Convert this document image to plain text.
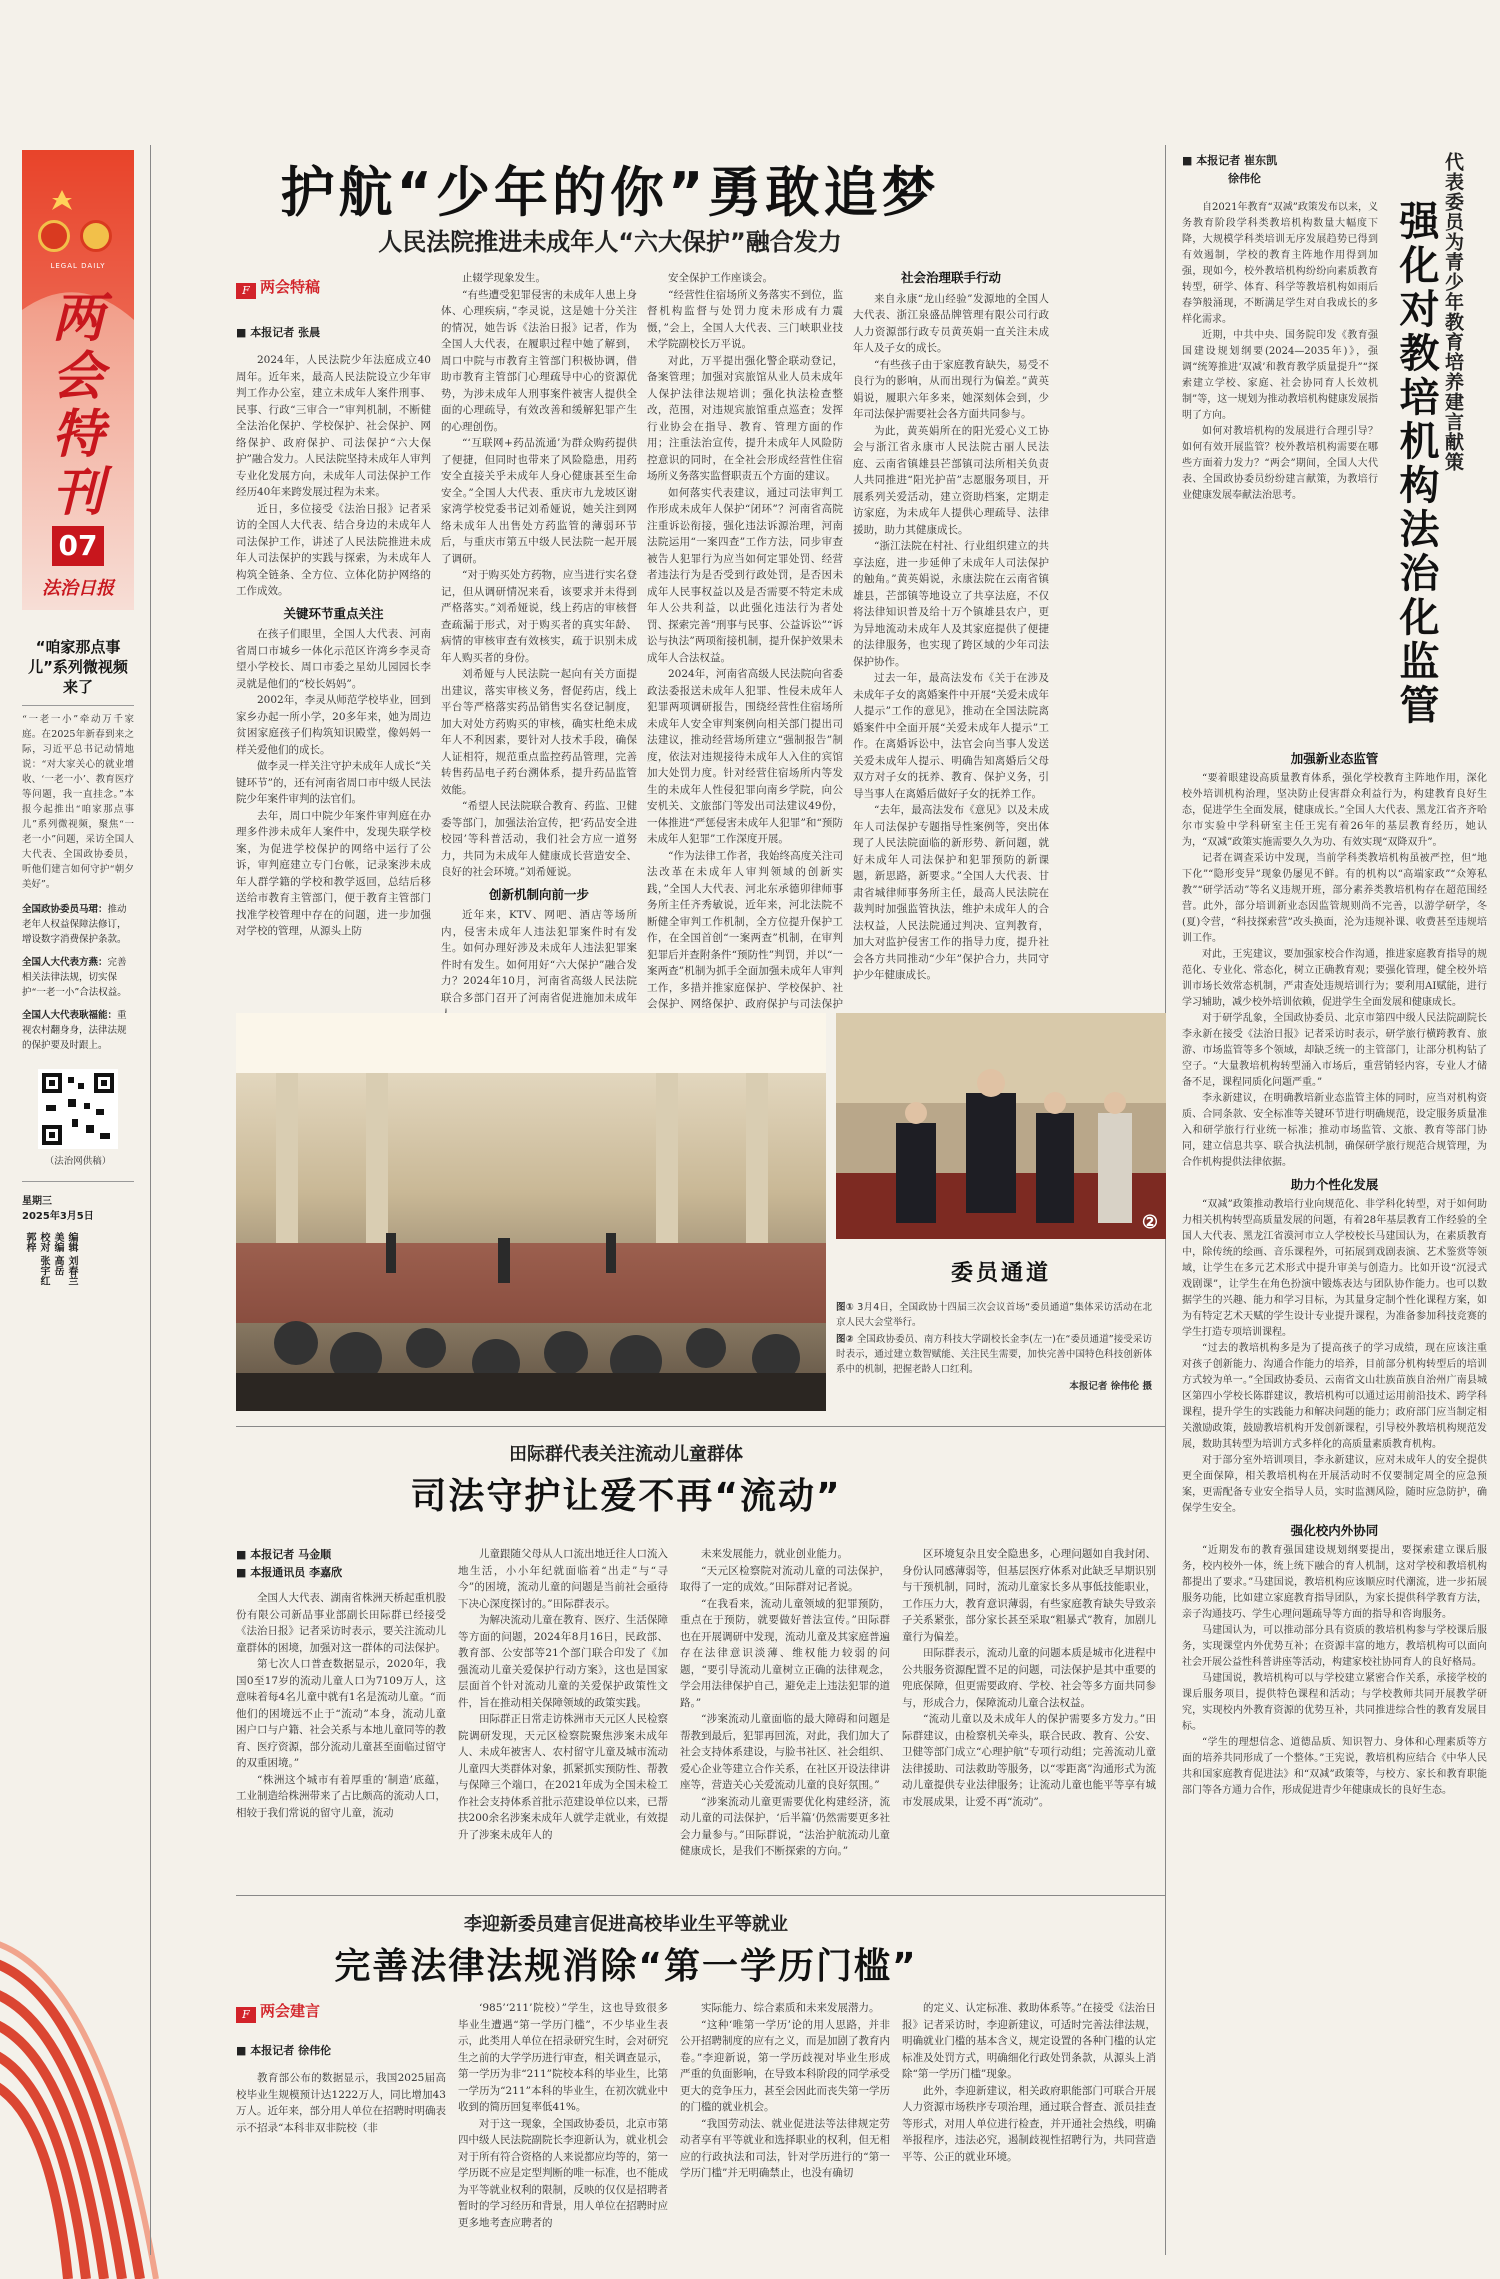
LEGAL DAILY
两会特刊
07
法治日报
“咱家那点事儿”系列微视频来了
“一老一小”牵动万千家庭。在2025年新春到来之际，习近平总书记动情地说：“对大家关心的就业增收、‘一老一小’、教育医疗等问题，我一直挂念。”本报今起推出“咱家那点事儿”系列微视频，聚焦“一老一小”问题，采访全国人大代表、全国政协委员，听他们建言如何守护“朝夕美好”。
全国政协委员马珺：推动老年人权益保障法修订，增设数字消费保护条款。
全国人大代表方燕：完善相关法律法规，切实保护“一老一小”合法权益。
全国人大代表耿福能：重视农村翻身身，法律法规的保护要及时跟上。
（法治网供稿）
星期三
2025年3月5日
编辑 刘春兰
美编 高岳
校对 张宇红
郭梓
护航“少年的你”勇敢追梦
人民法院推进未成年人“六大保护”融合发力
F 两会特稿
■ 本报记者 张晨

2024年，人民法院少年法庭成立40周年。近年来，最高人民法院设立少年审判工作办公室，建立未成年人案件刑事、民事、行政“三审合一”审判机制，不断健全法治化保护、学校保护、社会保护、网络保护、政府保护、司法保护“六大保护”融合发力。人民法院坚持未成年人审判专业化发展方向，未成年人司法保护工作经历40年来跨发展过程为未来。

近日，多位接受《法治日报》记者采访的全国人大代表、结合身边的未成年人司法保护工作，讲述了人民法院推进未成年人司法保护的实践与探索，为未成年人构筑全链条、全方位、立体化防护网络的工作成效。

关键环节重点关注

在孩子们眼里，全国人大代表、河南省周口市城乡一体化示范区许湾乡李灵奇望小学校长、周口市委之星幼儿园园长李灵就是他们的“校长妈妈”。

2002年，李灵从师范学校毕业，回到家乡办起一所小学，20多年来，她为周边贫困家庭孩子们构筑知识殿堂，像妈妈一样关爱他们的成长。

做李灵一样关注守护未成年人成长“关键环节”的，还有河南省周口市中级人民法院少年案件审判的法官们。

去年，周口中院少年案件审判庭在办理多件涉未成年人案件中，发现失联学校案，为促进学校保护的网络中运行了公诉，审判庭建立专门台帐，记录案涉未成年人群学籍的学校和教学返回，总结后移送给市教育主管部门，便于教育主管部门找准学校管理中存在的问题，进一步加强对学校的管理，从源头上防

止辍学现象发生。

“有些遭受犯罪侵害的未成年人患上身体、心理疾病，”李灵说，这是她十分关注的情况，她告诉《法治日报》记者，作为全国人大代表，在履职过程中她了解到，周口中院与市教育主管部门积极协调，借助市教育主管部门心理疏导中心的资源优势，为涉未成年人刑事案件被害人提供全面的心理疏导，有效改善和缓解犯罪产生的心理创伤。

“‘互联网+药品流通’为群众购药提供了便捷，但同时也带来了风险隐患，用药安全直接关乎未成年人身心健康甚至生命安全。”全国人大代表、重庆市九龙坡区谢家湾学校党委书记刘希娅说，她关注到网络未成年人出售处方药监管的薄弱环节后，与重庆市第五中级人民法院一起开展了调研。

“对于购买处方药物，应当进行实名登记，但从调研情况来看，该要求并未得到严格落实。”刘希娅说，线上药店的审核督查疏漏于形式，对于购买者的真实年龄、病情的审核审查有效核实，疏于识别未成年人购买者的身份。

刘希娅与人民法院一起向有关方面提出建议，落实审核义务，督促药店，线上平台等严格落实药品销售实名登记制度，加大对处方药购买的审核，确实杜绝未成年人不利因素，要针对人技术手段，确保人证相符，规范重点监控药品管理，完善转售药品电子药台溯体系，提升药品监管效能。

“希望人民法院联合教育、药监、卫健委等部门，加强法治宣传，把‘药品安全进校园’等科普活动，我们社会方应一道努力，共同为未成年人健康成长营造安全、良好的社会环境。”刘希娅说。

创新机制向前一步

近年来，KTV、网吧、酒店等场所内，侵害未成年人违法犯罪案件时有发生。如何办理好涉及未成年人违法犯罪案件时有发生。如何用好“六大保护”融合发力？2024年10月，河南省高级人民法院联合多部门召开了河南省促进施加未成年

安全保护工作座谈会。

“经营性住宿场所义务落实不到位，监督机构监督与处罚力度未形成有力震慑，”会上，全国人大代表、三门峡职业技术学院副校长万平说。

对此，万平提出强化警企联动登记，备案管理；加强对宾旅馆从业人员未成年人保护法律法规培训；强化执法检查整改，范围，对违规宾旅馆重点巡查；发挥行业协会在指导、教育、管理方面的作用；注重法治宣传，提升未成年人风险防控意识的同时，在全社会形成经营性住宿场所义务落实监督职责五个方面的建议。

如何落实代表建议，通过司法审判工作形成未成年人保护“闭环”？河南省高院注重诉讼衔接，强化违法诉源治理，河南法院运用“一案四查”工作方法，同步审查被告人犯罪行为应当如何定罪处罚、经营者违法行为是否受到行政处罚，是否因未成年人民事权益以及是否需要不特定未成年人公共利益，以此强化违法行为者处罚、探索完善“刑事与民事、公益诉讼”“诉讼与执法”两项衔接机制，提升保护效果未成年人合法权益。

2024年，河南省高级人民法院向省委政法委报送未成年人犯罪、性侵未成年人犯罪两项调研报告，围绕经营性住宿场所未成年人安全审判案例向相关部门提出司法建议，推动经营场所建立“强制报告”制度，依法对违规接待未成年人入住的宾馆加大处罚力度。针对经营住宿场所内等发生的未成年人性侵犯罪向南乡学院，向公安机关、文旅部门等发出司法建议49份，一体推进“严惩侵害未成年人犯罪”和“预防未成年人犯罪”工作深度开展。

“作为法律工作者，我始终高度关注司法改革在未成年人审判领域的创新实践，”全国人大代表、河北东承德卯律师事务所主任齐秀敏说，近年来，河北法院不断健全审判工作机制，全方位提升保护工作，在全国首创“一案两查”机制，在审判犯罪后并查附条件“预防性”判罚，并以“一案两查”机制为抓手全面加强未成年人审判工作，多措并推家庭保护、学校保护、社会保护、网络保护、政府保护与司法保护

社会治理联手行动

来自永康“龙山经验”发源地的全国人大代表、浙江泉盛品牌管理有限公司行政人力资源部行政专员黄英娟一直关注未成年人及子女的成长。

“有些孩子由于家庭教育缺失，易受不良行为的影响，从而出现行为偏差。”黄英娟说，履职六年多来，她深刻体会到，少年司法保护需要社会各方面共同参与。

为此，黄英娟所在的阳光爱心义工协会与浙江省永康市人民法院古丽人民法庭、云南省镇雄县芒部镇司法所相关负责人共同推进“阳光护苗”志愿服务项目，开展系列关爱活动，建立资助档案，定期走访家庭，为未成年人提供心理疏导、法律援助，助力其健康成长。

“浙江法院在村社、行业组织建立的共享法庭，进一步延伸了未成年人司法保护的触角。”黄英娟说，永康法院在云南省镇雄县，芒部镇等地设立了共享法庭，不仅将法律知识普及给十万个镇雄县农户，更为异地流动未成年人及其家庭提供了便捷的法律服务，也实现了跨区域的少年司法保护协作。

过去一年，最高法发布《关于在涉及未成年子女的离婚案件中开展“关爱未成年人提示”工作的意见》，推动在全国法院离婚案件中全面开展“关爱未成年人提示”工作。在离婚诉讼中，法官会向当事人发送关爱未成年人提示、明确告知离婚后父母双方对子女的抚养、教育、保护义务，引导当事人在离婚后做好子女的抚养工作。

“去年，最高法发布《意见》以及未成年人司法保护专题指导性案例等，突出体现了人民法院面临的新形势、新问题，就好未成年人司法保护和犯罪预防的新课题，新思路，新要求。”全国人大代表、甘肃省城律师事务所主任，最高人民法院在裁判时加强监管执法，维护未成年人的合法权益，人民法院通过判决、宣判教育，加大对监护侵害工作的指导力度，提升社会各方共同推动“少年”保护合力，共同守护少年健康成长。

②
委员通道
图① 3月4日，全国政协十四届三次会议首场“委员通道”集体采访活动在北京人民大会堂举行。
图② 全国政协委员、南方科技大学副校长金李(左一)在“委员通道”接受采访时表示，通过建立数智赋能、关注民生需要，加快完善中国特色科技创新体系中的机制，把握老龄人口红利。
本报记者 徐伟伦 摄
田际群代表关注流动儿童群体
司法守护让爱不再“流动”
■ 本报记者 马金顺
■ 本报通讯员 李嘉欣

全国人大代表、湖南省株洲天桥起重机股份有限公司新品事业部副长田际群已经接受《法治日报》记者采访时表示，要关注流动儿童群体的困境，加强对这一群体的司法保护。

第七次人口普查数据显示，2020年，我国0至17岁的流动儿童人口为7109万人，这意味着每4名儿童中就有1名是流动儿童。“而他们的困境远不止于“流动”本身，流动儿童困户口与户籍、社会关系与本地儿童同等的教育、医疗资源，部分流动儿童甚至面临过留守的双重困境。”

“株洲这个城市有着厚重的‘制造’底蕴，工业制造给株洲带来了占比颇高的流动人口，相较于我们常说的留守儿童，流动

儿童跟随父母从人口流出地迁往人口流入地生活，小小年纪就面临着“出走”与“寻今”的困境，流动儿童的问题是当前社会亟待下决心深度探讨的。”田际群表示。

为解决流动儿童在教育、医疗、生活保障等方面的问题，2024年8月16日，民政部、教育部、公安部等21个部门联合印发了《加强流动儿童关爱保护行动方案》，这也是国家层面首个针对流动儿童的关爱保护政策性文件，旨在推动相关保障领域的政策实践。

田际群正日常走访株洲市天元区人民检察院调研发现，天元区检察院聚焦涉案未成年人、未成年被害人、农村留守儿童及城市流动儿童四大类群体对象，抓紧抓实预防性、帮教与保障三个端口，在2021年成为全国未检工作社会支持体系首批示范建设单位以来，已帮扶200余名涉案未成年人就学走就业，有效提升了涉案未成年人的

未来发展能力，就业创业能力。

“天元区检察院对流动儿童的司法保护，取得了一定的成效。”田际群对记者说。

“在我看来，流动儿童领域的犯罪预防，重点在于预防，就要做好普法宣传。”田际群也在开展调研中发现，流动儿童及其家庭普遍存在法律意识淡薄、维权能力较弱的问题，“要引导流动儿童树立正确的法律观念，学会用法律保护自己，避免走上违法犯罪的道路。”

“涉案流动儿童面临的最大障碍和问题是帮教到最后，犯罪再回流，对此，我们加大了社会支持体系建设，与脸书社区、社会组织、爱心企业等建立合作关系，在社区开设法律讲座等，营造关心关爱流动儿童的良好氛围。”

“涉案流动儿童更需要优化构建经济，流动儿童的司法保护，‘后半篇’仍然需要更多社会力量参与。”田际群说，“法治护航流动儿童健康成长，是我们不断探索的方向。”

区环境复杂且安全隐患多，心理问题如自我封闭、身份认同感薄弱等，但基层医疗体系对此缺乏早期识别与干预机制，同时，流动儿童家长多从事低技能职业，工作压力大，教育意识薄弱，有些家庭教育缺失导致亲子关系紧张，部分家长甚至采取“粗暴式”教育，加剧儿童行为偏差。

田际群表示，流动儿童的问题本质是城市化进程中公共服务资源配置不足的问题，司法保护是其中重要的兜底保障，但更需要政府、学校、社会等多方面共同参与，形成合力，保障流动儿童合法权益。

“流动儿童以及未成年人的保护需要多方发力。”田际群建议，由检察机关牵头，联合民政、教育、公安、卫健等部门成立“心理护航”专项行动组；完善流动儿童法律援助、司法救助等服务，以“零距离”沟通形式为流动儿童提供专业法律服务；让流动儿童也能平等享有城市发展成果，让爱不再“流动”。

李迎新委员建言促进高校毕业生平等就业
完善法律法规消除“第一学历门槛”
F 两会建言
■ 本报记者 徐伟伦

教育部公布的数据显示，我国2025届高校毕业生规模预计达1222万人，同比增加43万人。近年来，部分用人单位在招聘时明确表示不招录“本科非双非院校（非

‘985’‘211’院校）”学生，这也导致很多毕业生遭遇“第一学历门槛”，不少毕业生表示，此类用人单位在招录研究生时，会对研究生之前的大学学历进行审查，相关调查显示，第一学历为非“211”院校本科的毕业生，比第一学历为“211”本科的毕业生，在初次就业中收到的简历回复率低41%。

对于这一现象，全国政协委员，北京市第四中级人民法院副院长李迎新认为，就业机会对于所有符合资格的人来说都应均等的，第一学历既不应是定型判断的唯一标准，也不能成为平等就业权利的限制，反映的仅仅是招聘者暂时的学习经历和背景，用人单位在招聘时应更多地考查应聘者的

实际能力、综合素质和未来发展潜力。

“这种‘唯第一学历’论的用人思路，并非公开招聘制度的应有之义，而是加剧了教育内卷。”李迎新说，第一学历歧视对毕业生形成严重的负面影响，在导致本科阶段的同学承受更大的竞争压力，甚至会因此而丧失第一学历的门槛的就业机会。

“我国劳动法、就业促进法等法律规定劳动者享有平等就业和选择职业的权利，但无相应的行政执法和司法，针对学历进行的“第一学历门槛”并无明确禁止，也没有确切

的定义、认定标准、救助体系等。”在接受《法治日报》记者采访时，李迎新建议，可适时完善法律法规，明确就业门槛的基本含义，规定设置的各种门槛的认定标准及处罚方式，明确细化行政处罚条款，从源头上消除“第一学历门槛”现象。

此外，李迎新建议，相关政府职能部门可联合开展人力资源市场秩序专项治理，通过联合督查、派员挂查等形式，对用人单位进行检查，并开通社会热线，明确举报程序，违法必究，遏制歧视性招聘行为，共同营造平等、公正的就业环境。

■ 本报记者 崔东凯
徐伟伦	代表委员为青少年教育培养建言献策
强化对教培机构法治化监管

自2021年教育“双减”政策发布以来，义务教育阶段学科类教培机构数量大幅度下降，大规模学科类培训无序发展趋势已得到有效遏制，学校的教育主阵地作用得到加强，现如今，校外教培机构纷纷向素质教育转型，研学、体育、科学等教培机构如雨后春笋般涌现，不断满足学生对自我成长的多样化需求。

近期，中共中央、国务院印发《教育强国建设规划纲要(2024—2035年)》，强调“统筹推进‘双减’和教育教学质量提升”“探索建立学校、家庭、社会协同育人长效机制”等，这一规划为推动教培机构健康发展指明了方向。

如何对教培机构的发展进行合理引导？如何有效开展监管？校外教培机构需要在哪些方面着力发力？“两会”期间，全国人大代表、全国政协委员纷纷建言献策，为教培行业健康发展奉献法治思考。

加强新业态监管

“要着眼建设高质量教育体系，强化学校教育主阵地作用，深化校外培训机构治理，坚决防止侵害群众利益行为，构建教育良好生态，促进学生全面发展，健康成长。”全国人大代表、黑龙江省齐齐哈尔市实验中学科研室主任王宪有着26年的基层教育经历，她认为，“双减”政策实施需要久久为功、有效实现“双降双升”。

记者在调查采访中发现，当前学科类教培机构虽被严控，但“地下化”“隐形变异”现象仍屡见不鲜。有的机构以“高端家政”“众筹私教”“研学活动”等名义违规开班，部分素养类教培机构存在超范围经营。此外，部分培训新业态因监管规则尚不完善，以游学研学，冬(夏)令营，“科技探索营”改头换面，沦为违规补课、收费甚至违规培训工作。

对此，王宪建议，要加强家校合作沟通，推进家庭教育指导的规范化、专业化、常态化，树立正确教育观；要强化管理，健全校外培训市场长效常态机制，严肃查处违规培训行为；要利用AI赋能，进行学习辅助，减少校外培训依赖，促进学生全面发展和健康成长。

对于研学乱象，全国政协委员、北京市第四中级人民法院副院长李永新在接受《法治日报》记者采访时表示，研学旅行横跨教育、旅游、市场监管等多个领域，却缺乏统一的主管部门，让部分机构钻了空子。“大量教培机构转型涌入市场后，重营销轻内容，专业人才储备不足，课程同质化问题严重。”

李永新建议，在明确教培新业态监管主体的同时，应当对机构资质、合同条款、安全标准等关键环节进行明确规范，设定服务质量准入和研学旅行行业统一标准；推动市场监管、文旅、教育等部门协同，建立信息共享、联合执法机制，确保研学旅行规范合规管理，为合作机构提供法律依据。

助力个性化发展

“双减”政策推动教培行业向规范化、非学科化转型，对于如何助力相关机构转型高质量发展的问题，有着28年基层教育工作经验的全国人大代表、黑龙江省漠河市立人学校校长马建国认为，在素质教育中，除传统的绘画、音乐课程外，可拓展到戏剧表演、艺术鉴赏等领域，让学生在多元艺术形式中提升审美与创造力。比如开设“沉浸式戏剧课”，让学生在角色扮演中锻炼表达与团队协作能力。也可以数据学生的兴趣、能力和学习目标，为其量身定制个性化课程方案，如为有特定艺术天赋的学生设计专业提升课程，为准备参加科技竞赛的学生打造专项培训课程。

“过去的教培机构多是为了提高孩子的学习成绩，现在应该注重对孩子创新能力、沟通合作能力的培养，目前部分机构转型后的培训方式较为单一。”全国政协委员、云南省文山壮族苗族自治州广南县城区第四小学校长陈群建议，教培机构可以通过运用前沿技术、跨学科课程，提升学生的实践能力和解决问题的能力；政府部门应当制定相关激励政策，鼓励教培机构开发创新课程，引导校外教培机构规范发展，数助其转型为培训方式多样化的高质量素质教育机构。

对于部分室外培训项目，李永新建议，应对未成年人的安全提供更全面保障，相关教培机构在开展活动时不仅要制定周全的应急预案，更需配备专业安全指导人员，实时监测风险，随时应急防护，确保学生安全。

强化校内外协同

“近期发布的教育强国建设规划纲要提出，要探索建立课后服务，校内校外一体，统上统下融合的育人机制，这对学校和教培机构都提出了要求。”马建国说，教培机构应该顺应时代潮流，进一步拓展服务功能，比如建立家庭教育指导团队，为家长提供科学教育方法，亲子沟通技巧、学生心理问题疏导等方面的指导和咨询服务。

马建国认为，可以推动部分具有资质的教培机构参与学校课后服务，实现课堂内外优势互补；在资源丰富的地方，教培机构可以面向社会开展公益性科普讲座等活动，构建家校社协同育人的良好格局。

马建国说，教培机构可以与学校建立紧密合作关系，承接学校的课后服务项目，提供特色课程和活动；与学校教师共同开展教学研究，实现校内外教育资源的优势互补，共同推进综合性的教育发展目标。

“学生的理想信念、道德品质、知识智力、身体和心理素质等方面的培养共同形成了一个整体。”王宪说，教培机构应结合《中华人民共和国家庭教育促进法》和“双减”政策等，与校方、家长和教育职能部门等各方通力合作，形成促进青少年健康成长的良好生态。
